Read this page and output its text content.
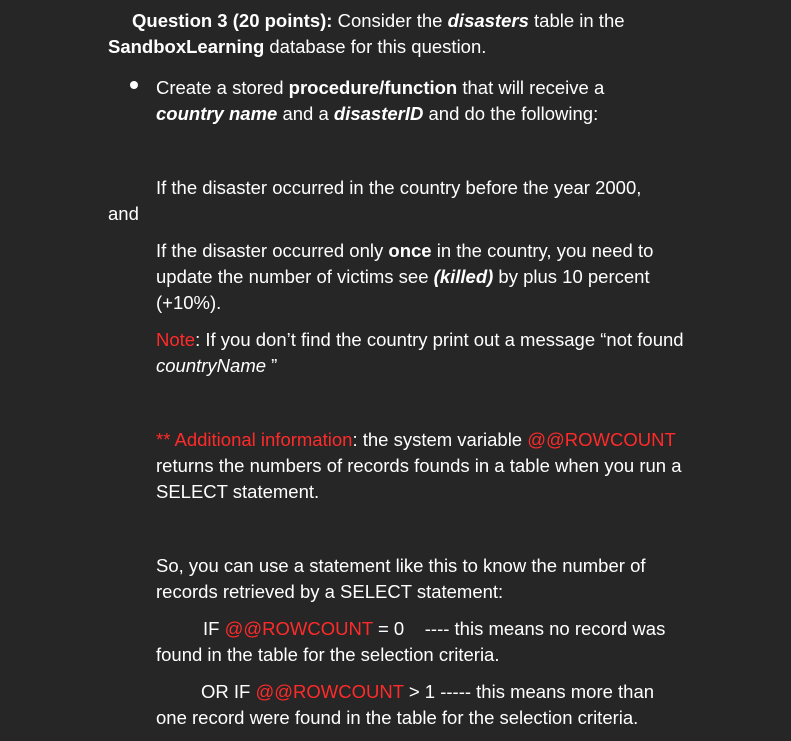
Question 3 (20 points): Consider the disasters table in the SandboxLearning database for this question.
Create a stored procedure/function that will receive a country name and a disasterID and do the following:
If the disaster occurred in the country before the year 2000,
and
If the disaster occurred only once in the country, you need to update the number of victims see (killed) by plus 10 percent (+10%).
Note: If you don’t find the country print out a message “not found countryName ”
** Additional information: the system variable @@ROWCOUNT returns the numbers of records founds in a table when you run a SELECT statement.
So, you can use a statement like this to know the number of records retrieved by a SELECT statement:
IF @@ROWCOUNT = 0    ---- this means no record was found in the table for the selection criteria.
OR IF @@ROWCOUNT > 1 ----- this means more than one record were found in the table for the selection criteria.
